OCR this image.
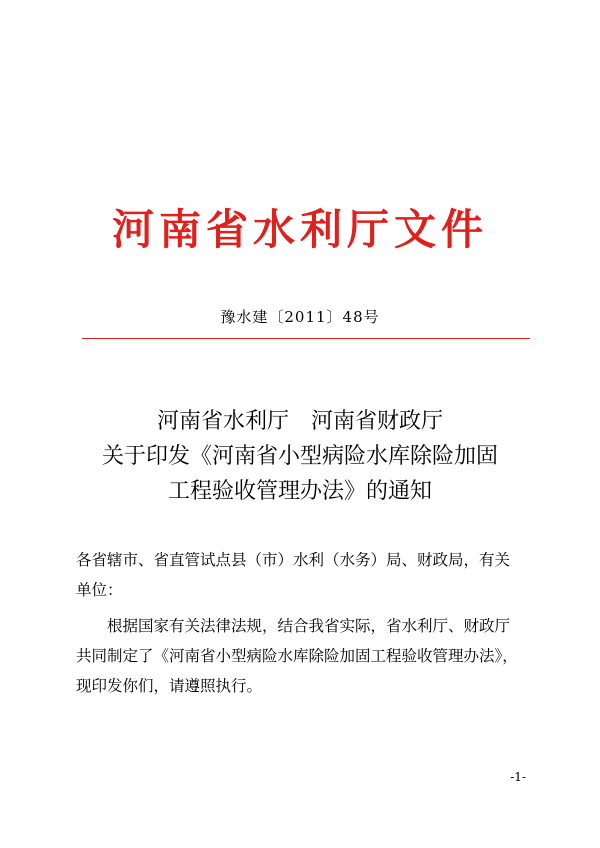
河南省水利厅文件
豫水建〔2011〕48号
河南省水利厅　河南省财政厅
关于印发《河南省小型病险水库除险加固
工程验收管理办法》的通知
各省辖市、省直管试点县（市）水利（水务）局、财政局，有关
单位：
根据国家有关法律法规，结合我省实际，省水利厅、财政厅
共同制定了《河南省小型病险水库除险加固工程验收管理办法》，
现印发你们，请遵照执行。
-1-
